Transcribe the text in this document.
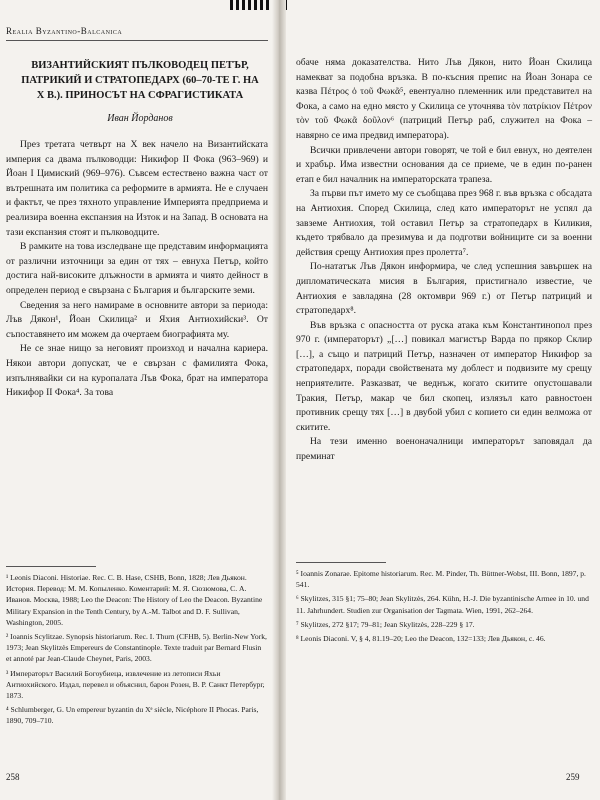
Realia Byzantino-Balcanica
ВИЗАНТИЙСКИЯТ ПЪЛКОВОДЕЦ ПЕТЪР, ПАТРИКИЙ И СТРАТОПЕДАРХ (60–70-ТЕ Г. НА Х В.). ПРИНОСЪТ НА СФРАГИСТИКАТА
Иван Йорданов

През третата четвърт на Х век начело на Византийската империя са двама пълководци: Никифор II Фока (963–969) и Йоан I Цимиский (969–976). Съвсем естествено важна част от вътрешната им политика са реформите в армията. Не е случаен и фактът, че през тяхното управление Империята предприема и реализира военна експанзия на Изток и на Запад. В основата на тази експанзия стоят и пълководците.

В рамките на това изследване ще представим информацията от различни източници за един от тях – евнуха Петър, който достига най-високите длъжности в армията и чиято дейност в определен период е свързана с България и българските земи.

Сведения за него намираме в основните автори за периода: Лъв Дякон¹, Йоан Скилица² и Яхия Антиохийски³. От съпоставянето им можем да очертаем биографията му.

Не се знае нищо за неговият произход и начална кариера. Някои автори допускат, че е свързан с фамилията Фока, изпълнявайки си на куропалата Лъв Фока, брат на императора Никифор II Фока⁴. За това

¹ Leonis Diaconi. Historiae. Rec. C. B. Hase, CSHB, Bonn, 1828; Лев Дьякон. История. Перевод: М. М. Копыленко. Коментарий: М. Я. Сюзюмова, С. А. Иванов. Москва, 1988; Leo the Deacon: The History of Leo the Deacon. Byzantine Military Expansion in the Tenth Century, by A.-M. Talbot and D. F. Sullivan, Washington, 2005.

² Ioannis Scylitzae. Synopsis historiarum. Rec. I. Thurn (CFHB, 5). Berlin-New York, 1973; Jean Skylitzès Empereurs de Constantinople. Texte traduit par Bernard Flusin et annoté par Jean-Claude Cheynet, Paris, 2003.

³ Императорът Василий Богоубиеца, извлечение из летописи Яхьи Антиохийского. Издал, перевел и объяснил, барон Розен, В. Р. Санкт Петербург, 1873.

⁴ Schlumberger, G. Un empereur byzantin du Xᵉ siècle, Nicéphore II Phocas. Paris, 1890, 709–710.

258

обаче няма доказателства. Нито Лъв Дякон, нито Йоан Скилица намекват за подобна връзка. В по-късния препис на Йоан Зонара се казва Πέτρος ὁ τοῦ Φωκᾶ⁵, евентуално племенник или представител на Фока, а само на едно място у Скилица се уточнява τὸν πατρίκιον Πέτρον τὸν τοῦ Φωκᾶ δοῦλον⁶ (патриций Петър раб, служител на Фока – навярно се има предвид императора).

Всички привлечени автори говорят, че той е бил евнух, но деятелен и храбър. Има известни основания да се приеме, че в един по-ранен етап е бил началник на императорската трапеза.

За първи път името му се съобщава през 968 г. във връзка с обсадата на Антиохия. Според Скилица, след като императорът не успял да завземе Антиохия, той оставил Петър за стратопедарх в Киликия, където трябвало да презимува и да подготви войниците си за военни действия срещу Антиохия през пролетта⁷.

По-нататък Лъв Дякон информира, че след успешния завършек на дипломатическата мисия в България, пристигнало известие, че Антиохия е завладяна (28 октомври 969 г.) от Петър патриций и стратопедарх⁸.

Във връзка с опасността от руска атака към Константинопол през 970 г. (императорът) „[…] повикал магистър Варда по прякор Склир […], а също и патриций Петър, назначен от император Никифор за стратопедарх, поради свойствената му доблест и подвизите му срещу неприятелите. Разказват, че веднъж, когато скитите опустошавали Тракия, Петър, макар че бил скопец, излязъл като равностоен противник срещу тях […] в двубой убил с копието си един велможа от скитите.

На тези именно военоначалници императорът заповядал да преминат

⁵ Ioannis Zonarae. Epitome historiarum. Rec. M. Pinder, Th. Büttner-Wobst, III. Bonn, 1897, p. 541.

⁶ Skylitzes, 315 §1; 75–80; Jean Skylitzès, 264. Kühn, H.-J. Die byzantinische Armee in 10. und 11. Jahrhundert. Studien zur Organisation der Tagmata. Wien, 1991, 262–264.

⁷ Skylitzes, 272 §17; 79–81; Jean Skylitzès, 228–229 § 17.

⁸ Leonis Diaconi. V, § 4, 81.19–20; Leo the Deacon, 132=133; Лев Дьякон, с. 46.

259
